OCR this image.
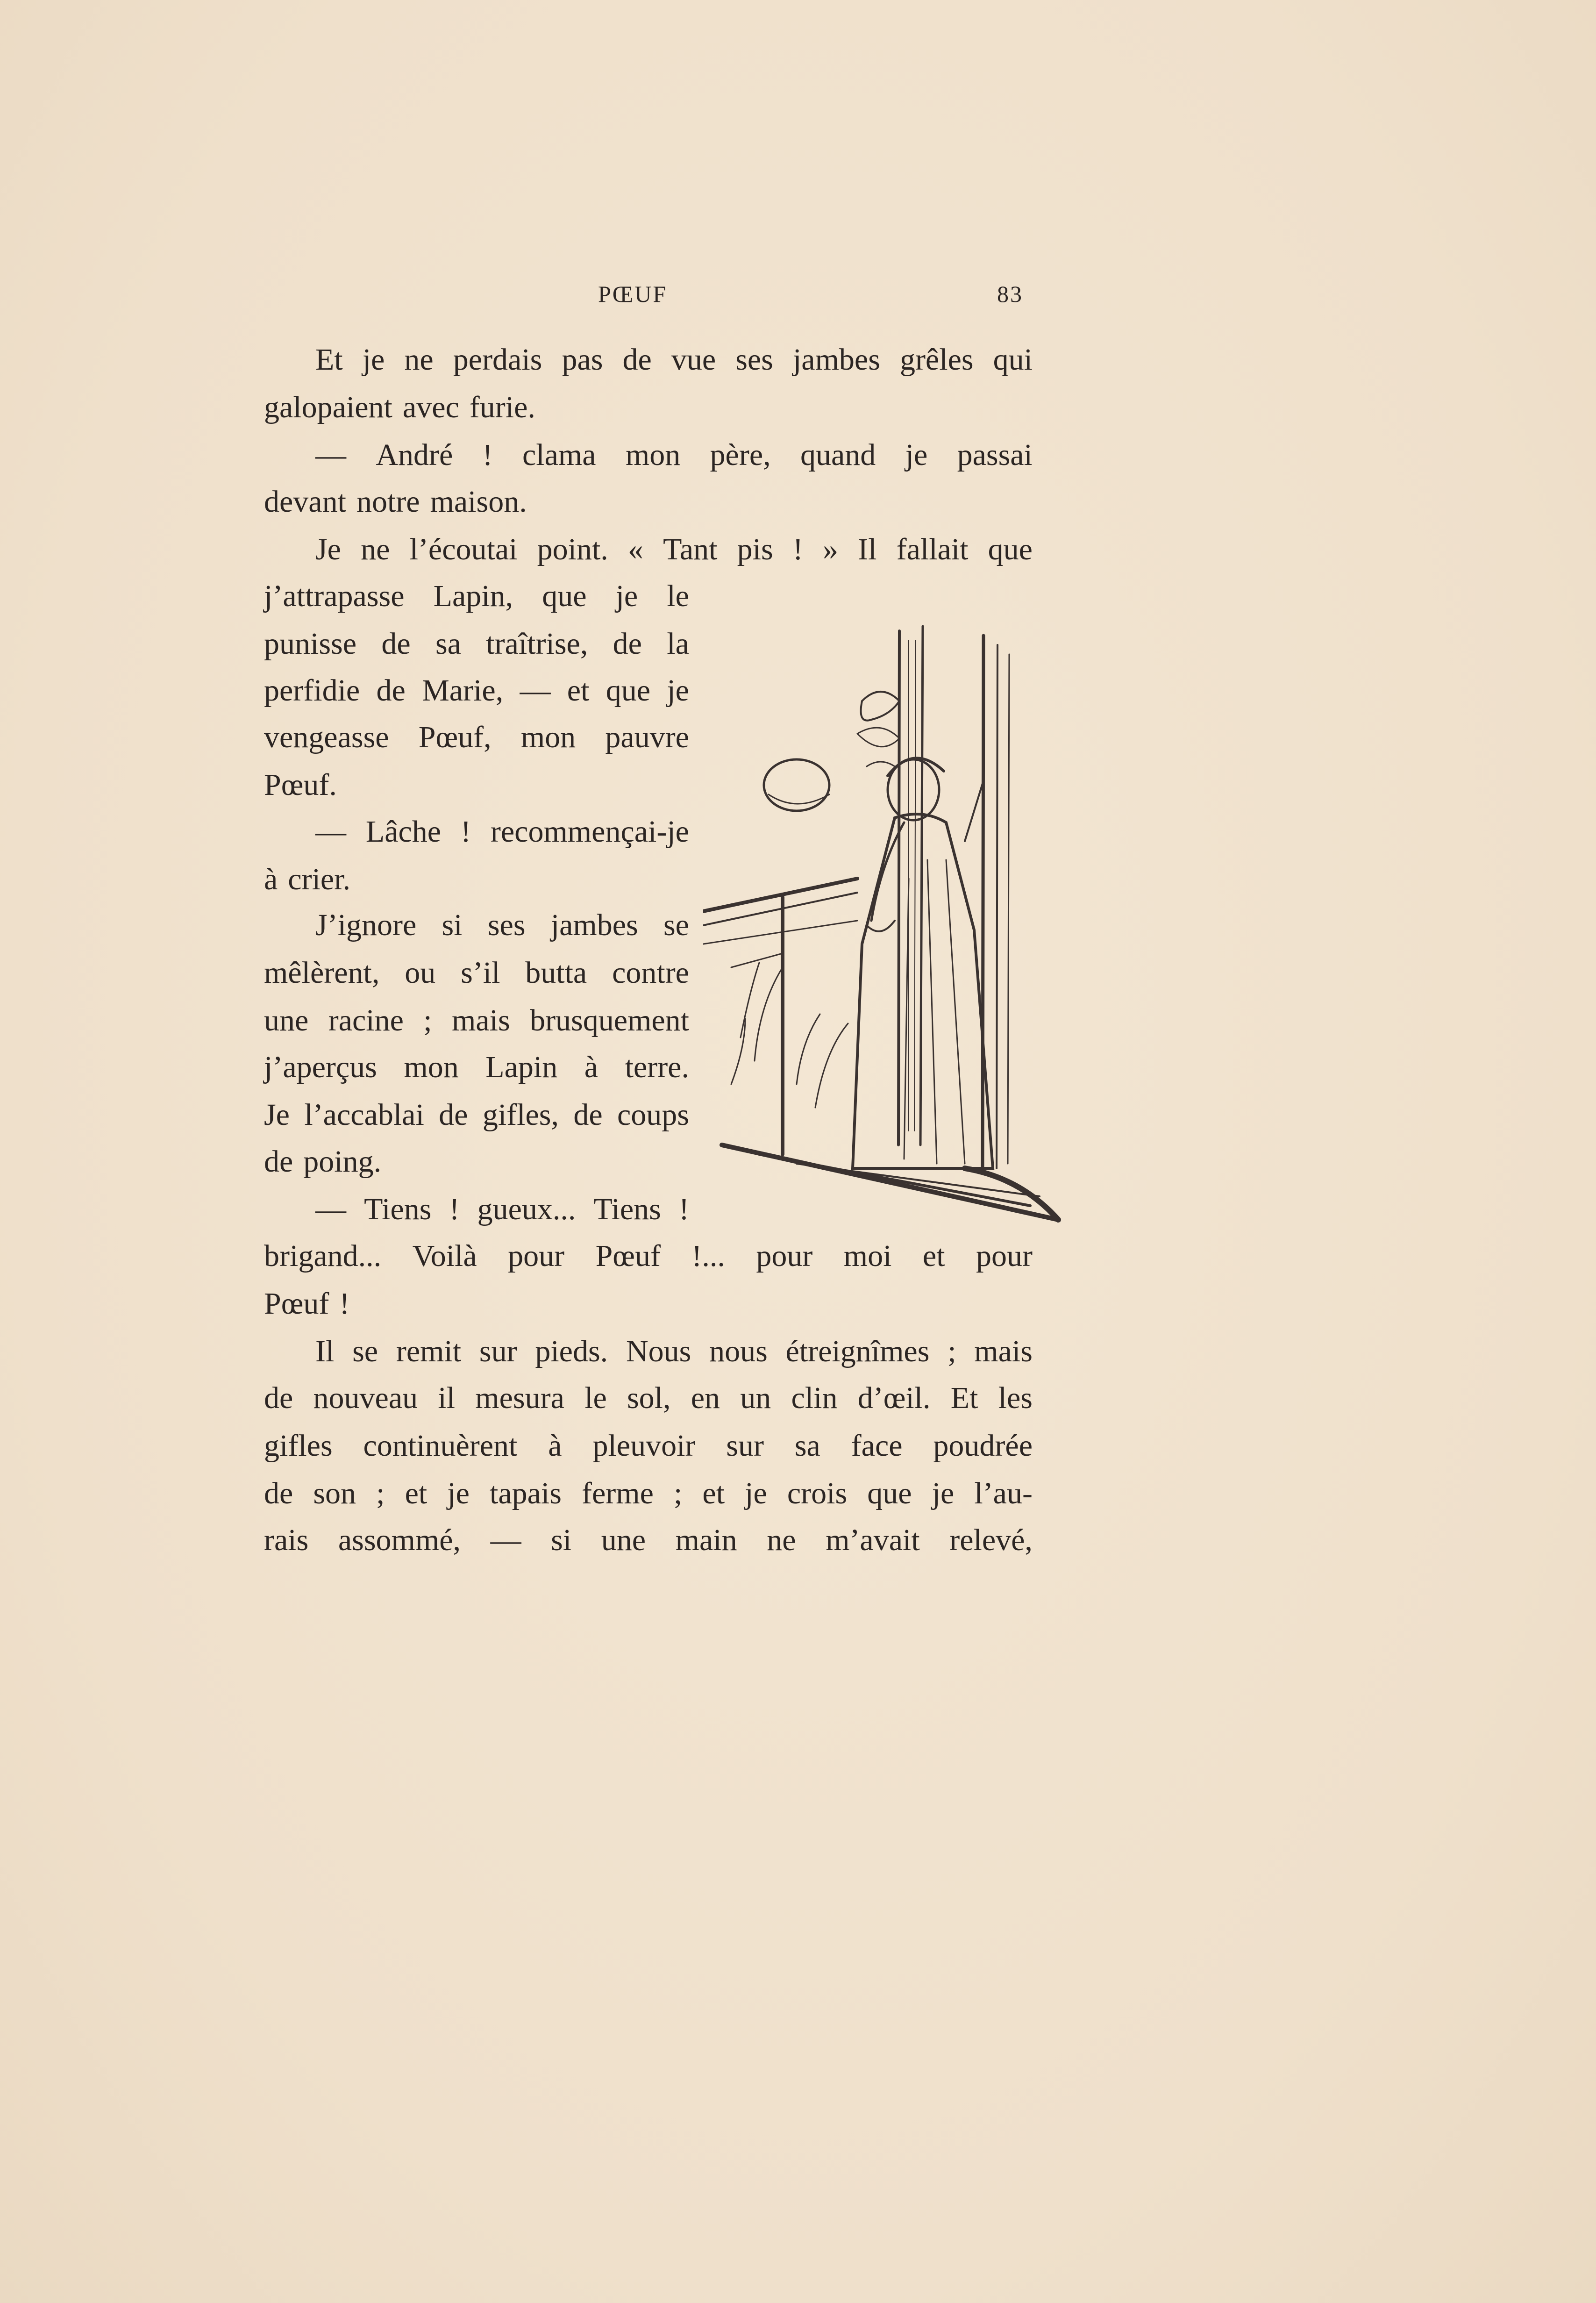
PŒUF	83
Et je ne perdais pas de vue ses jambes grêles qui
galopaient avec furie.
— André ! clama mon père, quand je passai
devant notre maison.
Je ne l’écoutai point. « Tant pis ! » Il fallait que
j’attrapasse Lapin, que je le
punisse de sa traîtrise, de la
perfidie de Marie, — et que je
vengeasse Pœuf, mon pauvre
Pœuf.
— Lâche ! recommençai-je
à crier.
J’ignore si ses jambes se
mêlèrent, ou s’il butta contre
une racine ; mais brusquement
j’aperçus mon Lapin à terre.
Je l’accablai de gifles, de coups
de poing.
— Tiens ! gueux... Tiens !
brigand... Voilà pour Pœuf !... pour moi et pour
Pœuf !
Il se remit sur pieds. Nous nous étreignîmes ; mais
de nouveau il mesura le sol, en un clin d’œil. Et les
gifles continuèrent à pleuvoir sur sa face poudrée
de son ; et je tapais ferme ; et je crois que je l’au-
rais assommé, — si une main ne m’avait relevé,
